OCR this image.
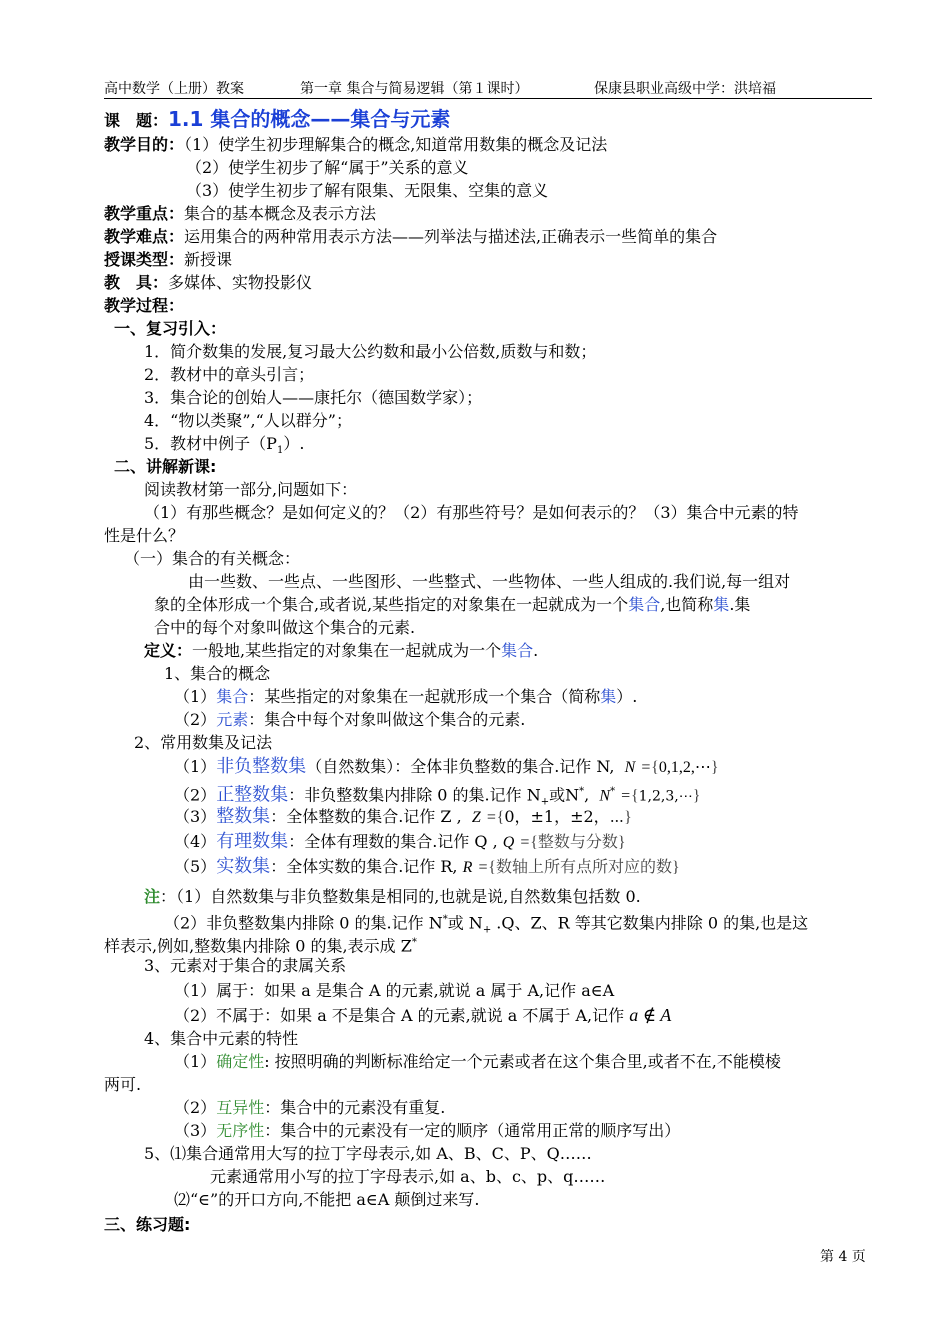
高中数学（上册）教案	第一章 集合与简易逻辑（第１课时）	保康县职业高级中学：洪培福
课　题：1.1 集合的概念——集合与元素
教学目的：（1）使学生初步理解集合的概念,知道常用数集的概念及记法
（2）使学生初步了解“属于”关系的意义
（3）使学生初步了解有限集、无限集、空集的意义
教学重点：集合的基本概念及表示方法
教学难点：运用集合的两种常用表示方法——列举法与描述法,正确表示一些简单的集合
授课类型：新授课
教　具：多媒体、实物投影仪
教学过程：
一、复习引入：
1．简介数集的发展,复习最大公约数和最小公倍数,质数与和数；
2．教材中的章头引言；
3．集合论的创始人——康托尔（德国数学家）；
4．“物以类聚”,“人以群分”；
5．教材中例子$(P_1)$.
二、讲解新课:
阅读教材第一部分,问题如下：
（1）有那些概念？是如何定义的？（2）有那些符号？是如何表示的？（3）集合中元素的特
性是什么？
（一）集合的有关概念：
由一些数、一些点、一些图形、一些整式、一些物体、一些人组成的.我们说,每一组对
象的全体形成一个集合,或者说,某些指定的对象集在一起就成为一个集合,也简称集.集
合中的每个对象叫做这个集合的元素.
定义：一般地,某些指定的对象集在一起就成为一个集合.
1、集合的概念
（1）集合：某些指定的对象集在一起就形成一个集合（简称集）.
（2）元素：集合中每个对象叫做这个集合的元素.
2、常用数集及记法
（1）非负整数集（自然数集）：全体非负整数的集合.记作 N, N ={0,1,2,⋯}
（2）正整数集：非负整数集内排除 0 的集.记作 $N_+$或N*,  N* ={1,2,3,⋯}
（3）整数集：全体整数的集合.记作 Z , Z ={0，±1，±2，⋯}
（4）有理数集：全体有理数的集合.记作 Q , Q ={整数与分数}
（5）实数集：全体实数的集合.记作 R, R ={数轴上所有点所对应的数}
注：（1）自然数集与非负整数集是相同的,也就是说,自然数集包括数 0.
（2）非负整数集内排除 0 的集.记作 N*或 $N_+$ .Q、Z、R 等其它数集内排除 0 的集,也是这
样表示,例如,整数集内排除 0 的集,表示成 Z*
3、元素对于集合的隶属关系
（1）属于：如果 a 是集合 A 的元素,就说 a 属于 A,记作 a∈A
（2）不属于：如果 a 不是集合 A 的元素,就说 a 不属于 A,记作 a ∉ A
4、集合中元素的特性
（1）确定性: 按照明确的判断标准给定一个元素或者在这个集合里,或者不在,不能模棱
两可.
（2）互异性：集合中的元素没有重复.
（3）无序性：集合中的元素没有一定的顺序（通常用正常的顺序写出）
5、⑴集合通常用大写的拉丁字母表示,如 A、B、C、P、Q……
元素通常用小写的拉丁字母表示,如 a、b、c、p、q……
⑵“∈”的开口方向,不能把 a∈A 颠倒过来写.
三、练习题:
第 4 页
